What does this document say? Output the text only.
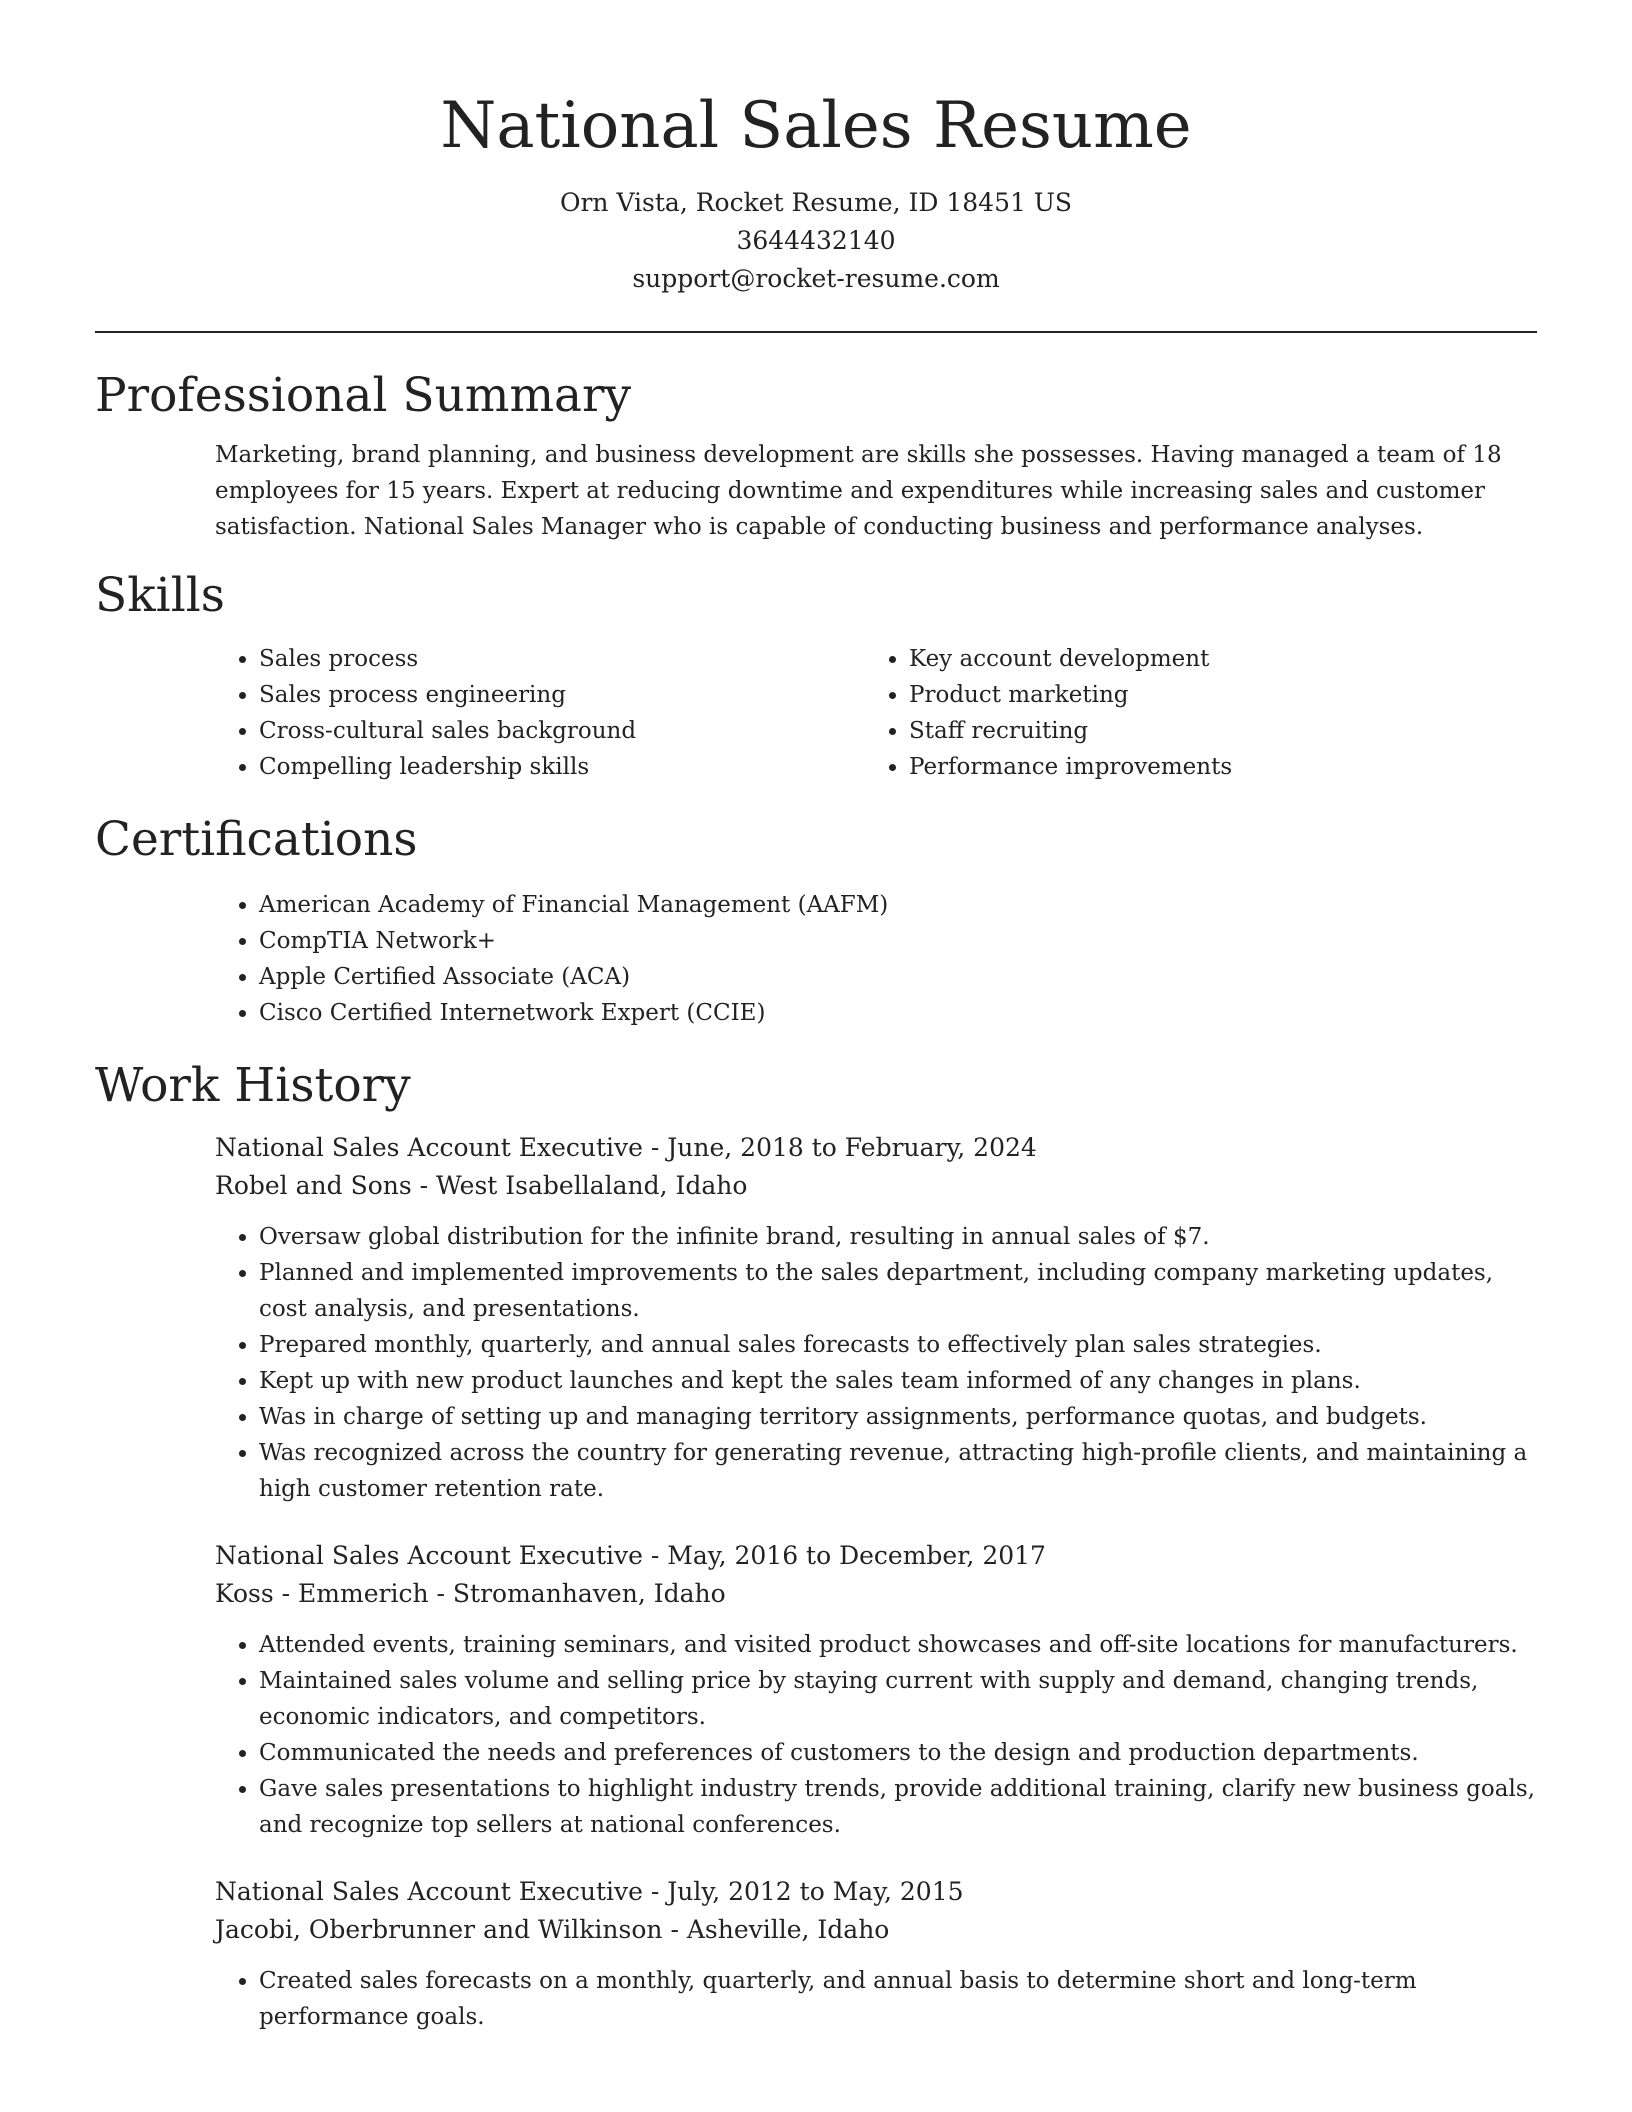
National Sales Resume
Orn Vista, Rocket Resume, ID 18451 US
3644432140
support@rocket-resume.com
Professional Summary

Marketing, brand planning, and business development are skills she possesses. Having managed a team of 18 employees for 15 years. Expert at reducing downtime and expenditures while increasing sales and customer satisfaction. National Sales Manager who is capable of conducting business and performance analyses.

Skills
• Sales process
• Sales process engineering
• Cross-cultural sales background
• Compelling leadership skills
• Key account development
• Product marketing
• Staff recruiting
• Performance improvements
Certifications
• American Academy of Financial Management (AAFM)
• CompTIA Network+
• Apple Certified Associate (ACA)
• Cisco Certified Internetwork Expert (CCIE)
Work History
National Sales Account Executive - June, 2018 to February, 2024
Robel and Sons - West Isabellaland, Idaho
• Oversaw global distribution for the infinite brand, resulting in annual sales of $7.
• Planned and implemented improvements to the sales department, including company marketing updates, cost analysis, and presentations.
• Prepared monthly, quarterly, and annual sales forecasts to effectively plan sales strategies.
• Kept up with new product launches and kept the sales team informed of any changes in plans.
• Was in charge of setting up and managing territory assignments, performance quotas, and budgets.
• Was recognized across the country for generating revenue, attracting high-profile clients, and maintaining a high customer retention rate.
National Sales Account Executive - May, 2016 to December, 2017
Koss - Emmerich - Stromanhaven, Idaho
• Attended events, training seminars, and visited product showcases and off-site locations for manufacturers.
• Maintained sales volume and selling price by staying current with supply and demand, changing trends, economic indicators, and competitors.
• Communicated the needs and preferences of customers to the design and production departments.
• Gave sales presentations to highlight industry trends, provide additional training, clarify new business goals, and recognize top sellers at national conferences.
National Sales Account Executive - July, 2012 to May, 2015
Jacobi, Oberbrunner and Wilkinson - Asheville, Idaho
• Created sales forecasts on a monthly, quarterly, and annual basis to determine short and long-term performance goals.
